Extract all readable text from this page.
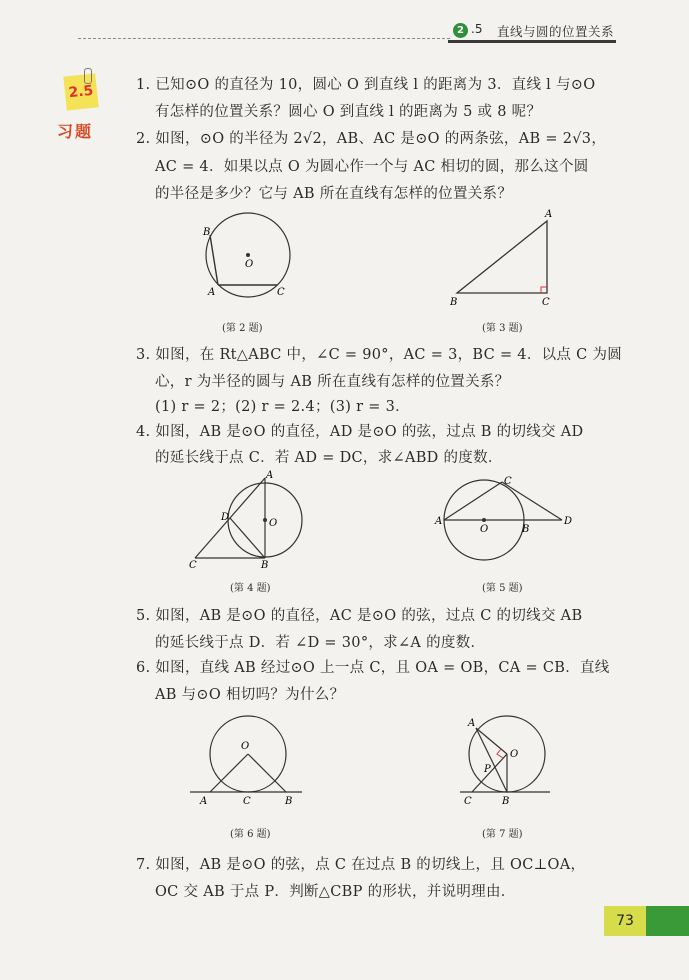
2 .5 直线与圆的位置关系
2.5
习题
1. 已知⊙O 的直径为 10，圆心 O 到直线 l 的距离为 3．直线 l 与⊙O
有怎样的位置关系？圆心 O 到直线 l 的距离为 5 或 8 呢？
2. 如图，⊙O 的半径为 2√2，AB、AC 是⊙O 的两条弦，AB = 2√3，
AC = 4．如果以点 O 为圆心作一个与 AC 相切的圆，那么这个圆
的半径是多少？它与 AB 所在直线有怎样的位置关系？
3. 如图，在 Rt△ABC 中，∠C = 90°，AC = 3，BC = 4．以点 C 为圆
心，r 为半径的圆与 AB 所在直线有怎样的位置关系？
(1) r = 2；(2) r = 2.4；(3) r = 3．
4. 如图，AB 是⊙O 的直径，AD 是⊙O 的弦，过点 B 的切线交 AD
的延长线于点 C．若 AD = DC，求∠ABD 的度数．
5. 如图，AB 是⊙O 的直径，AC 是⊙O 的弦，过点 C 的切线交 AB
的延长线于点 D．若 ∠D = 30°，求∠A 的度数．
6. 如图，直线 AB 经过⊙O 上一点 C，且 OA = OB，CA = CB．直线
AB 与⊙O 相切吗？为什么？
7. 如图，AB 是⊙O 的弦，点 C 在过点 B 的切线上，且 OC⊥OA，
OC 交 AB 于点 P．判断△CBP 的形状，并说明理由．
B
O
A	C
(第 2 题)
A
B	C
(第 3 题)
A
D
O
C	B
(第 4 题)
C
A
O	B
D
(第 5 题)
O
A	C	B
(第 6 题)
A
O
P
C	B
(第 7 题)
73
